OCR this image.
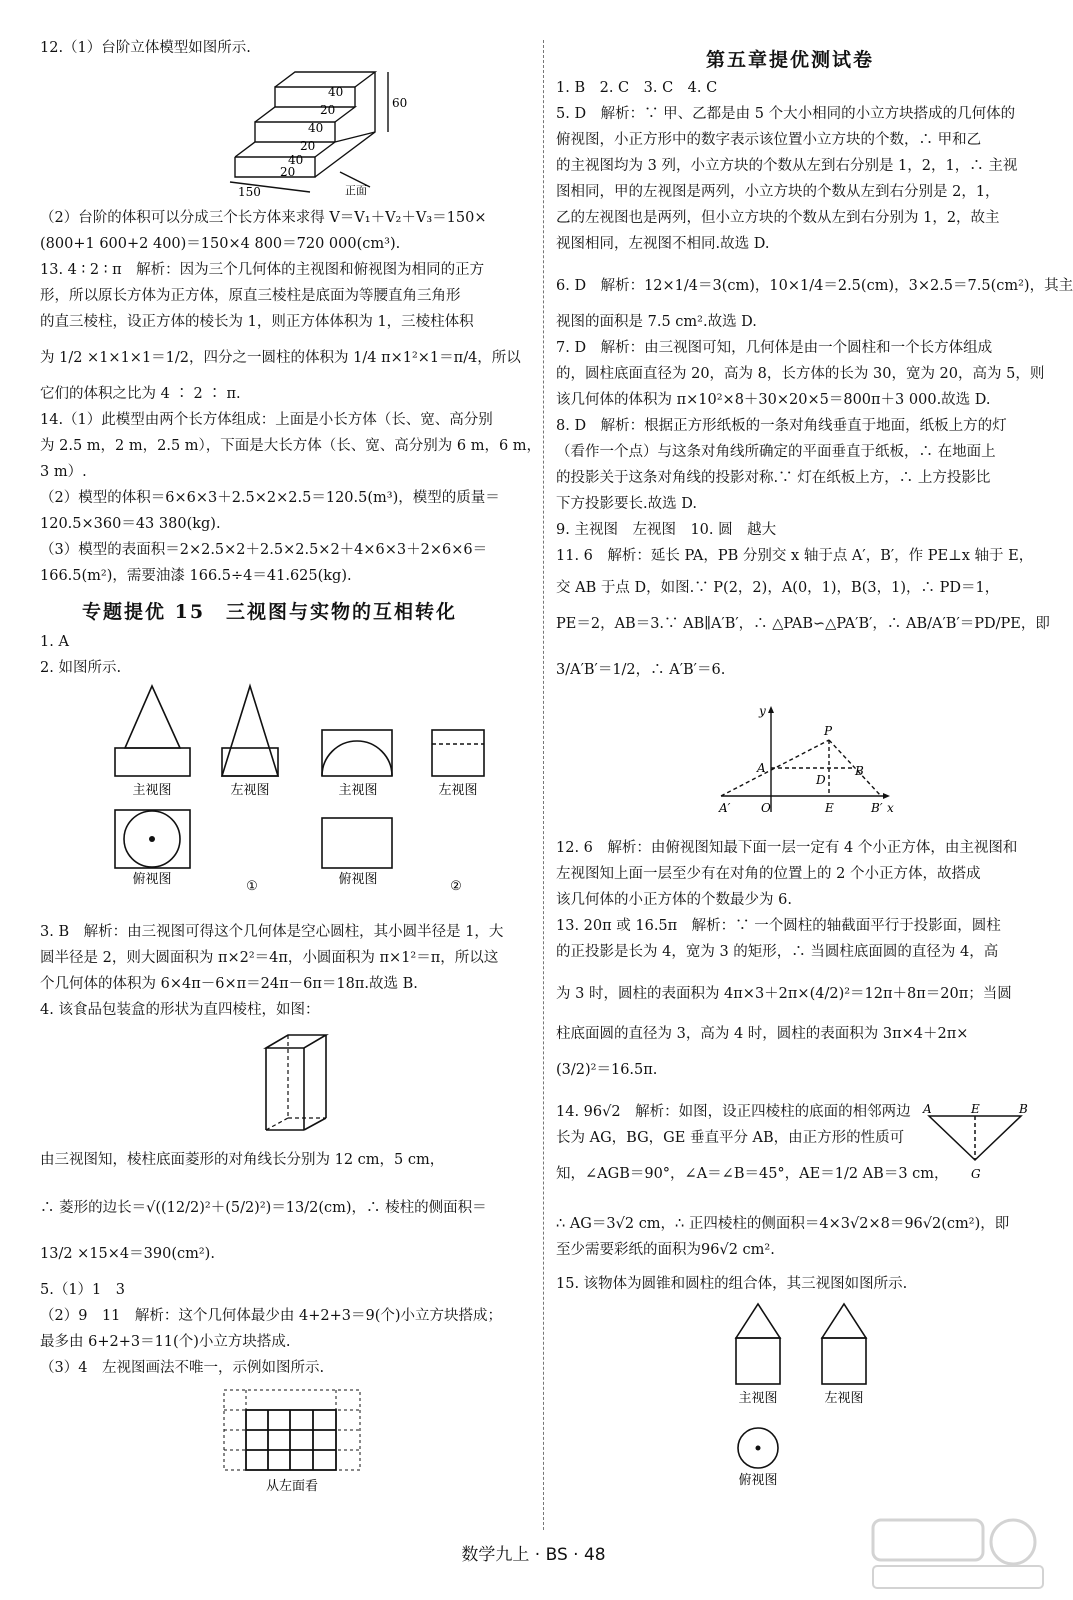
12.（1）台阶立体模型如图所示.
40
20
40
20
40
20
60
150	正面
（2）台阶的体积可以分成三个长方体来求得 V＝V₁＋V₂＋V₃＝150×
(800+1 600+2 400)＝150×4 800＝720 000(cm³).
13. 4 ∶ 2 ∶ π　解析：因为三个几何体的主视图和俯视图为相同的正方
形，所以原长方体为正方体，原直三棱柱是底面为等腰直角三角形
的直三棱柱，设正方体的棱长为 1，则正方体体积为 1，三棱柱体积
为 1/2 ×1×1×1＝1/2，四分之一圆柱的体积为 1/4 π×1²×1＝π/4，所以
它们的体积之比为 4 ∶ 2 ∶ π.
14.（1）此模型由两个长方体组成：上面是小长方体（长、宽、高分别
为 2.5 m，2 m，2.5 m），下面是大长方体（长、宽、高分别为 6 m，6 m，
3 m）.
（2）模型的体积＝6×6×3＋2.5×2×2.5＝120.5(m³)，模型的质量＝
120.5×360＝43 380(kg).
（3）模型的表面积＝2×2.5×2＋2.5×2.5×2＋4×6×3＋2×6×6＝
166.5(m²)，需要油漆 166.5÷4＝41.625(kg).
专题提优 15　三视图与实物的互相转化
1. A
2. 如图所示.
主视图	左视图	主视图	左视图
俯视图	俯视图
①	②
3. B　解析：由三视图可得这个几何体是空心圆柱，其小圆半径是 1，大
圆半径是 2，则大圆面积为 π×2²＝4π，小圆面积为 π×1²＝π，所以这
个几何体的体积为 6×4π－6×π＝24π－6π＝18π.故选 B.
4. 该食品包装盒的形状为直四棱柱，如图：
由三视图知，棱柱底面菱形的对角线长分别为 12 cm，5 cm，
∴ 菱形的边长＝√((12/2)²＋(5/2)²)＝13/2(cm)，∴ 棱柱的侧面积＝
13/2 ×15×4＝390(cm²).
5.（1）1　3
（2）9　11　解析：这个几何体最少由 4+2+3＝9(个)小立方块搭成；
最多由 6+2+3＝11(个)小立方块搭成.
（3）4　左视图画法不唯一，示例如图所示.
从左面看
第五章提优测试卷
1. B　2. C　3. C　4. C
5. D　解析：∵ 甲、乙都是由 5 个大小相同的小立方块搭成的几何体的
俯视图，小正方形中的数字表示该位置小立方块的个数，∴ 甲和乙
的主视图均为 3 列，小立方块的个数从左到右分别是 1，2，1，∴ 主视
图相同，甲的左视图是两列，小立方块的个数从左到右分别是 2，1，
乙的左视图也是两列，但小立方块的个数从左到右分别为 1，2，故主
视图相同，左视图不相同.故选 D.
6. D　解析：12×1/4＝3(cm)，10×1/4＝2.5(cm)，3×2.5＝7.5(cm²)，其主
视图的面积是 7.5 cm².故选 D.
7. D　解析：由三视图可知，几何体是由一个圆柱和一个长方体组成
的，圆柱底面直径为 20，高为 8，长方体的长为 30，宽为 20，高为 5，则
该几何体的体积为 π×10²×8＋30×20×5＝800π＋3 000.故选 D.
8. D　解析：根据正方形纸板的一条对角线垂直于地面，纸板上方的灯
（看作一个点）与这条对角线所确定的平面垂直于纸板，∴ 在地面上
的投影关于这条对角线的投影对称.∵ 灯在纸板上方，∴ 上方投影比
下方投影要长.故选 D.
9. 主视图　左视图　10. 圆　越大
11. 6　解析：延长 PA，PB 分别交 x 轴于点 A′，B′，作 PE⊥x 轴于 E，
交 AB 于点 D，如图.∵ P(2，2)，A(0，1)，B(3，1)，∴ PD＝1，
PE＝2，AB＝3.∵ AB∥A′B′，∴ △PAB∽△PA′B′，∴ AB/A′B′＝PD/PE，即
3/A′B′＝1/2，∴ A′B′＝6.
y
P
A
D
B
A′	O	E	B′ x
12. 6　解析：由俯视图知最下面一层一定有 4 个小正方体，由主视图和
左视图知上面一层至少有在对角的位置上的 2 个小正方体，故搭成
该几何体的小正方体的个数最少为 6.
13. 20π 或 16.5π　解析：∵ 一个圆柱的轴截面平行于投影面，圆柱
的正投影是长为 4，宽为 3 的矩形，∴ 当圆柱底面圆的直径为 4，高
为 3 时，圆柱的表面积为 4π×3＋2π×(4/2)²＝12π＋8π＝20π；当圆
柱底面圆的直径为 3，高为 4 时，圆柱的表面积为 3π×4＋2π×
(3/2)²＝16.5π.
14. 96√2　解析：如图，设正四棱柱的底面的相邻两边
长为 AG，BG，GE 垂直平分 AB，由正方形的性质可
知，∠AGB＝90°，∠A＝∠B＝45°，AE＝1/2 AB＝3 cm，
∴ AG＝3√2 cm，∴ 正四棱柱的侧面积＝4×3√2×8＝96√2(cm²)，即
至少需要彩纸的面积为96√2 cm².
15. 该物体为圆锥和圆柱的组合体，其三视图如图所示.
A	E	B
G
主视图	左视图
俯视图
数学九上 · BS · 48
